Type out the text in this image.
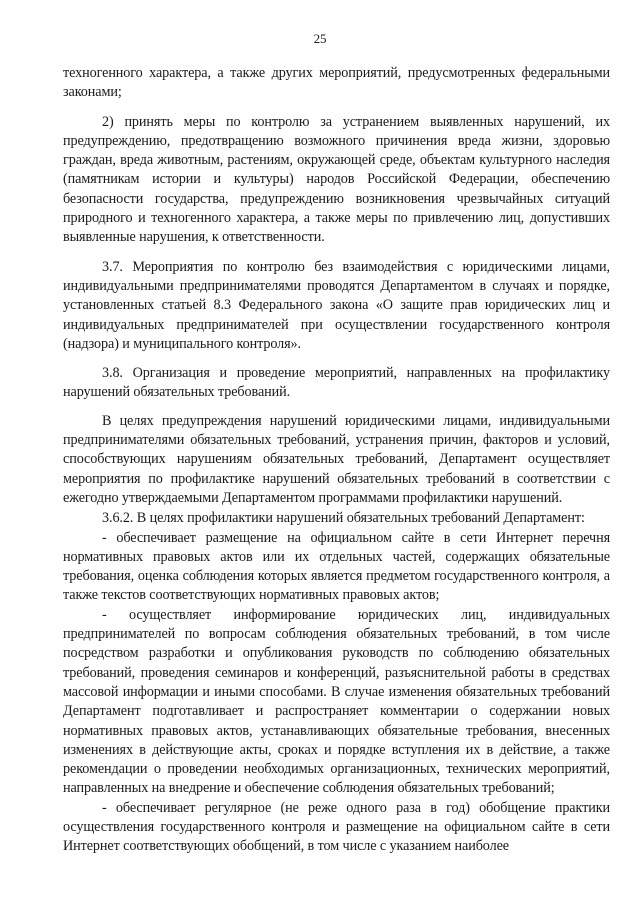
25

техногенного характера, а также других мероприятий, предусмотренных федеральными законами;

2) принять меры по контролю за устранением выявленных нарушений, их предупреждению, предотвращению возможного причинения вреда жизни, здоровью граждан, вреда животным, растениям, окружающей среде, объектам культурного наследия (памятникам истории и культуры) народов Российской Федерации, обеспечению безопасности государства, предупреждению возникновения чрезвычайных ситуаций природного и техногенного характера, а также меры по привлечению лиц, допустивших выявленные нарушения, к ответственности.

3.7. Мероприятия по контролю без взаимодействия с юридическими лицами, индивидуальными предпринимателями проводятся Департаментом в случаях и порядке, установленных статьей 8.3 Федерального закона «О защите прав юридических лиц и индивидуальных предпринимателей при осуществлении государственного контроля (надзора) и муниципального контроля».

3.8. Организация и проведение мероприятий, направленных на профилактику нарушений обязательных требований.

В целях предупреждения нарушений юридическими лицами, индивидуальными предпринимателями обязательных требований, устранения причин, факторов и условий, способствующих нарушениям обязательных требований, Департамент осуществляет мероприятия по профилактике нарушений обязательных требований в соответствии с ежегодно утверждаемыми Департаментом программами профилактики нарушений.

3.6.2. В целях профилактики нарушений обязательных требований Департамент:

- обеспечивает размещение на официальном сайте в сети Интернет перечня нормативных правовых актов или их отдельных частей, содержащих обязательные требования, оценка соблюдения которых является предметом государственного контроля, а также текстов соответствующих нормативных правовых актов;

- осуществляет информирование юридических лиц, индивидуальных предпринимателей по вопросам соблюдения обязательных требований, в том числе посредством разработки и опубликования руководств по соблюдению обязательных требований, проведения семинаров и конференций, разъяснительной работы в средствах массовой информации и иными способами. В случае изменения обязательных требований Департамент подготавливает и распространяет комментарии о содержании новых нормативных правовых актов, устанавливающих обязательные требования, внесенных изменениях в действующие акты, сроках и порядке вступления их в действие, а также рекомендации о проведении необходимых организационных, технических мероприятий, направленных на внедрение и обеспечение соблюдения обязательных требований;

- обеспечивает регулярное (не реже одного раза в год) обобщение практики осуществления государственного контроля и размещение на официальном сайте в сети Интернет соответствующих обобщений, в том числе с указанием наиболее
